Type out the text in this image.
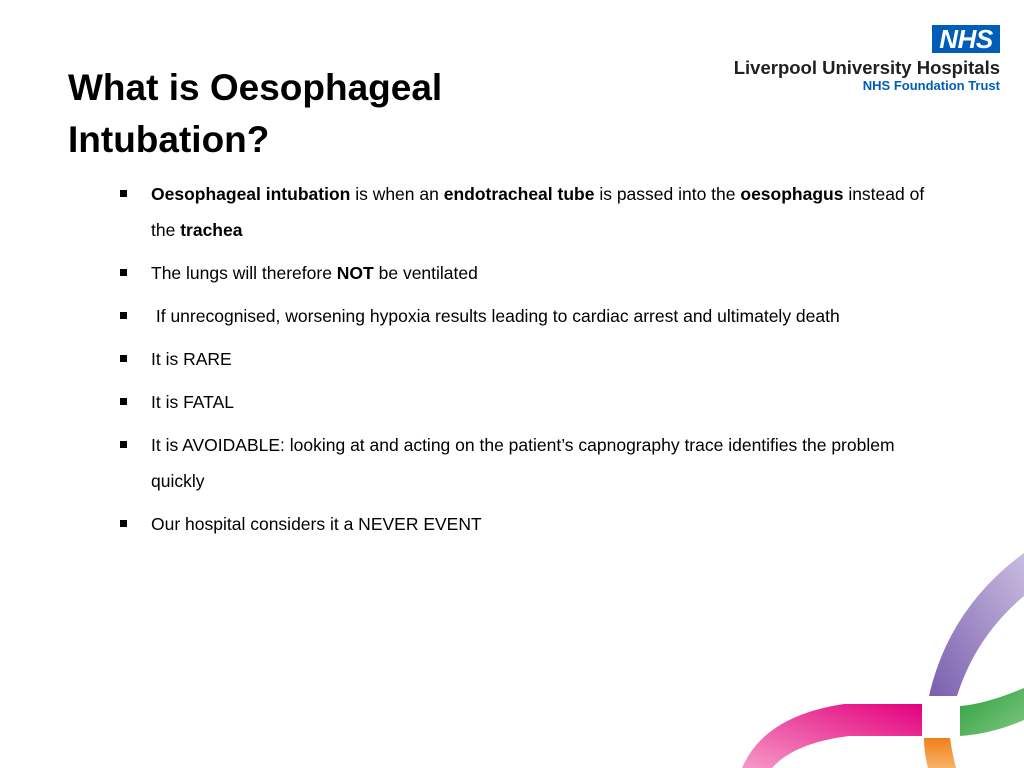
What is Oesophageal
Intubation?
NHS
Liverpool University Hospitals
NHS Foundation Trust
Oesophageal intubation is when an endotracheal tube is passed into the oesophagus instead of the trachea
The lungs will therefore NOT be ventilated
If unrecognised, worsening hypoxia results leading to cardiac arrest and ultimately death
It is RARE
It is FATAL
It is AVOIDABLE: looking at and acting on the patient’s capnography trace identifies the problem quickly
Our hospital considers it a NEVER EVENT
